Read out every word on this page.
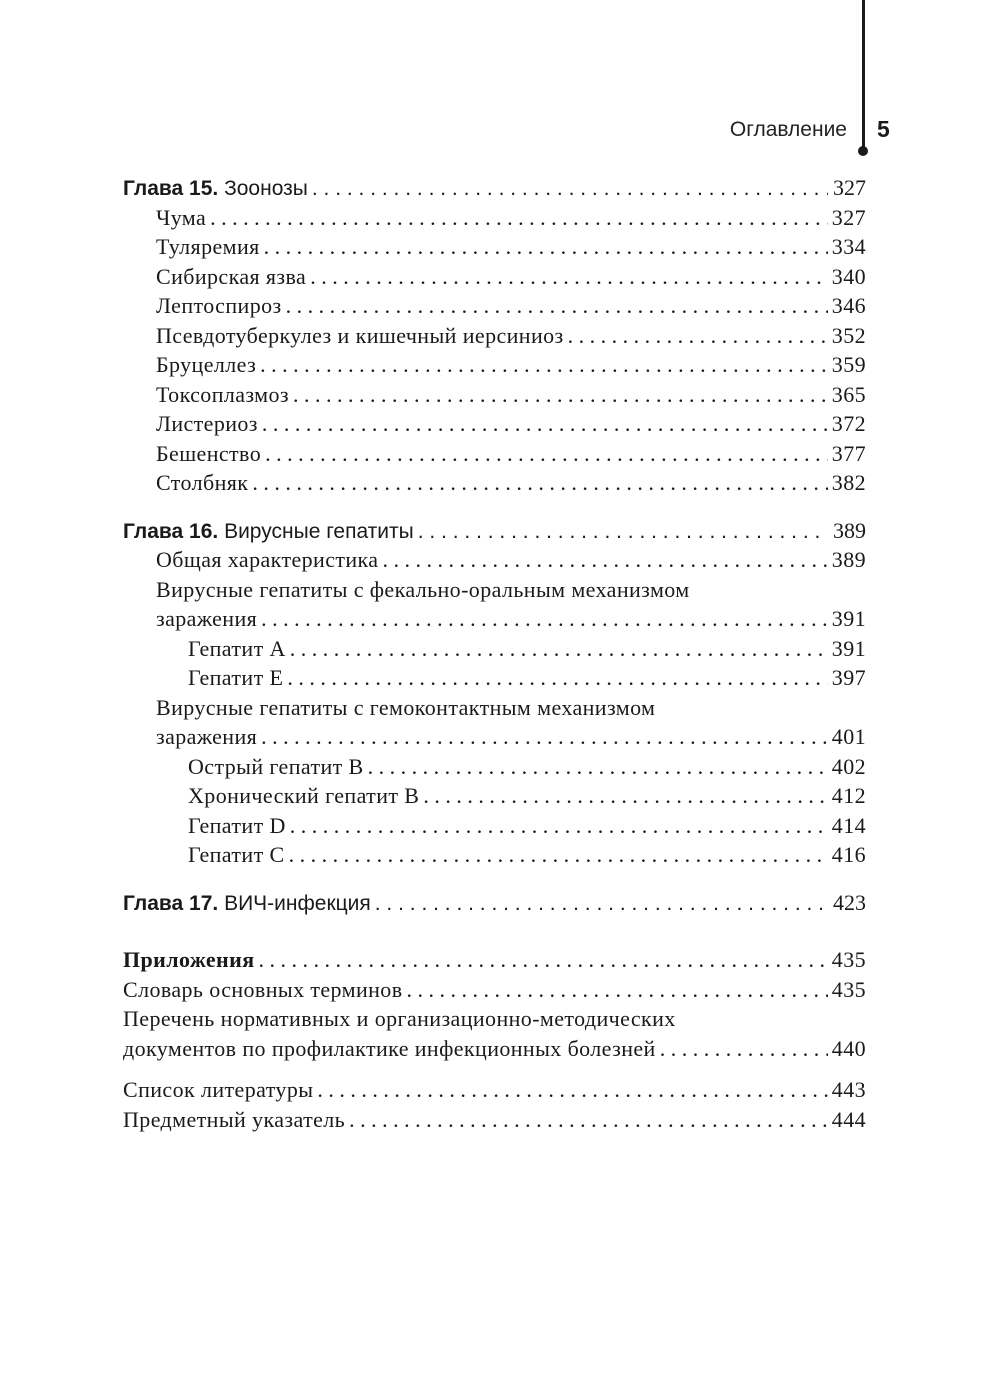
Оглавление 5
Глава 15. Зоонозы . . .	327
Чума . . .	327
Туляремия . . .	334
Сибирская язва . . .	340
Лептоспироз . . .	346
Псевдотуберкулез и кишечный иерсиниоз . . .	352
Бруцеллез . . .	359
Токсоплазмоз . . .	365
Листериоз . . .	372
Бешенство . . .	377
Столбняк . . .	382
Глава 16. Вирусные гепатиты . . .	389
Общая характеристика . . .	389
Вирусные гепатиты с фекально-оральным механизмом
заражения . . .	391
Гепатит А . . .	391
Гепатит Е . . .	397
Вирусные гепатиты с гемоконтактным механизмом
заражения . . .	401
Острый гепатит В . . .	402
Хронический гепатит В . . .	412
Гепатит D . . .	414
Гепатит С . . .	416
Глава 17. ВИЧ-инфекция . . .	423
Приложения . . .	435
Словарь основных терминов . . .	435
Перечень нормативных и организационно-методических
документов по профилактике инфекционных болезней . . .	440
Список литературы . . .	443
Предметный указатель . . .	444
